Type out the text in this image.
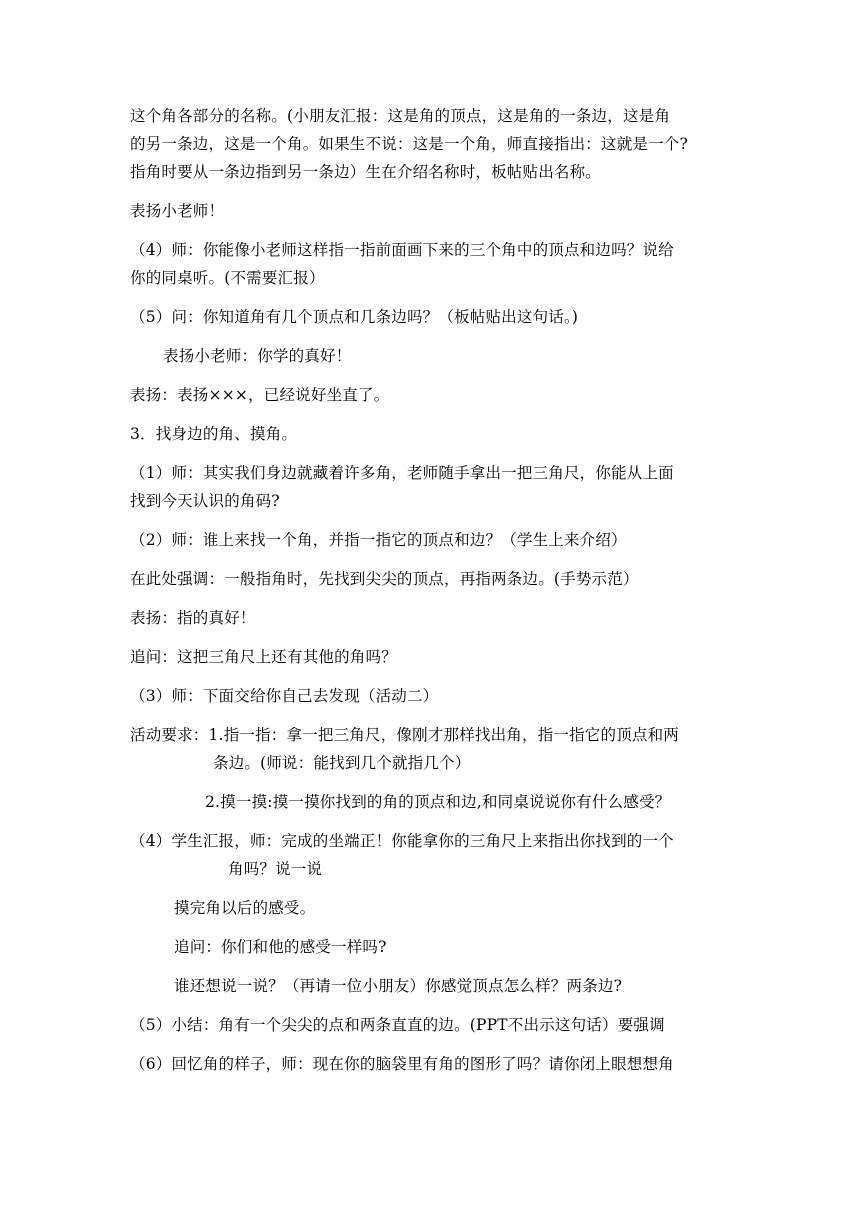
这个角各部分的名称。(小朋友汇报：这是角的顶点，这是角的一条边，这是角
的另一条边，这是一个角。如果生不说：这是一个角，师直接指出：这就是一个?
指角时要从一条边指到另一条边）生在介绍名称时，板帖贴出名称。
表扬小老师！
（4）师：你能像小老师这样指一指前面画下来的三个角中的顶点和边吗？说给
你的同桌听。(不需要汇报）
（5）问：你知道角有几个顶点和几条边吗？（板帖贴出这句话。)
表扬小老师：你学的真好！
表扬：表扬×××，已经说好坐直了。
3．找身边的角、摸角。
（1）师：其实我们身边就藏着许多角，老师随手拿出一把三角尺，你能从上面
找到今天认识的角码?
（2）师：谁上来找一个角，并指一指它的顶点和边？（学生上来介绍）
在此处强调：一般指角时，先找到尖尖的顶点，再指两条边。(手势示范）
表扬：指的真好！
追问：这把三角尺上还有其他的角吗？
（3）师：下面交给你自己去发现（活动二）
活动要求：1.指一指：拿一把三角尺，像刚才那样找出角，指一指它的顶点和两
条边。(师说：能找到几个就指几个）
2.摸一摸:摸一摸你找到的角的顶点和边,和同桌说说你有什么感受？
（4）学生汇报，师：完成的坐端正！你能拿你的三角尺上来指出你找到的一个
角吗？说一说
摸完角以后的感受。
追问：你们和他的感受一样吗?
谁还想说一说？（再请一位小朋友）你感觉顶点怎么样？两条边?
（5）小结：角有一个尖尖的点和两条直直的边。(PPT不出示这句话）要强调
（6）回忆角的样子，师：现在你的脑袋里有角的图形了吗？请你闭上眼想想角
